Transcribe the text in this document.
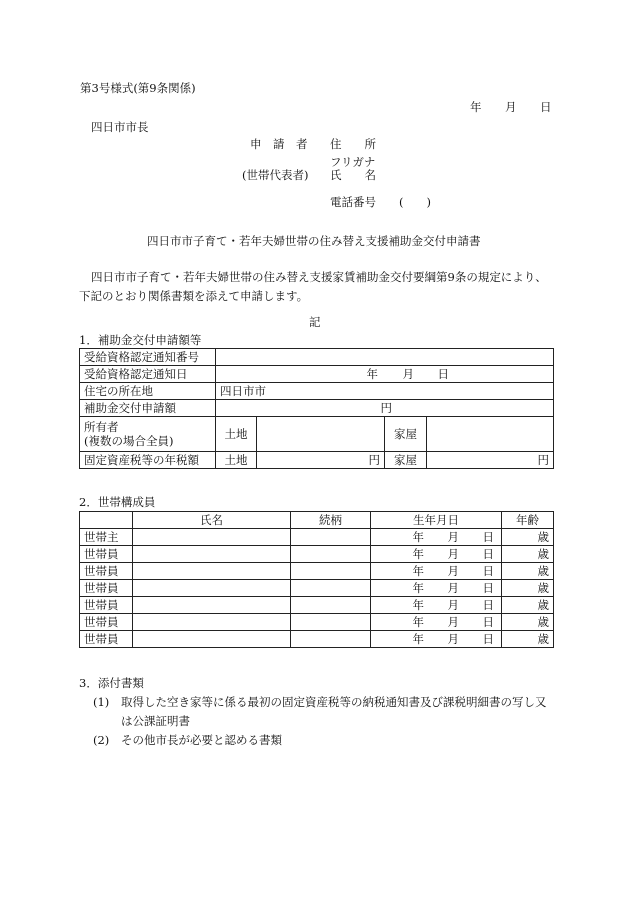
第3号様式(第9条関係)
年 月 日
四日市市長
申　請　者 住　　所
フリガナ
(世帯代表者) 氏　　名
電話番号 (　　)
四日市市子育て・若年夫婦世帯の住み替え支援補助金交付申請書
四日市市子育て・若年夫婦世帯の住み替え支援家賃補助金交付要綱第9条の規定により、
下記のとおり関係書類を添えて申請します。
記
1．補助金交付申請額等
受給資格認定通知番号				
受給資格認定通知日	年 月 日			
住宅の所在地	四日市市			
補助金交付申請額	円			

所有者
(複数の場合全員)	土地		家屋	
固定資産税等の年税額	土地	円	家屋	円
2．世帯構成員
	氏名	続柄	生年月日	年齢
世帯主			年 月 日	歳
世帯員			年 月 日	歳
世帯員			年 月 日	歳
世帯員			年 月 日	歳
世帯員			年 月 日	歳
世帯員			年 月 日	歳
世帯員			年 月 日	歳
3．添付書類
(1) 取得した空き家等に係る最初の固定資産税等の納税通知書及び課税明細書の写し又
は公課証明書
(2) その他市長が必要と認める書類
